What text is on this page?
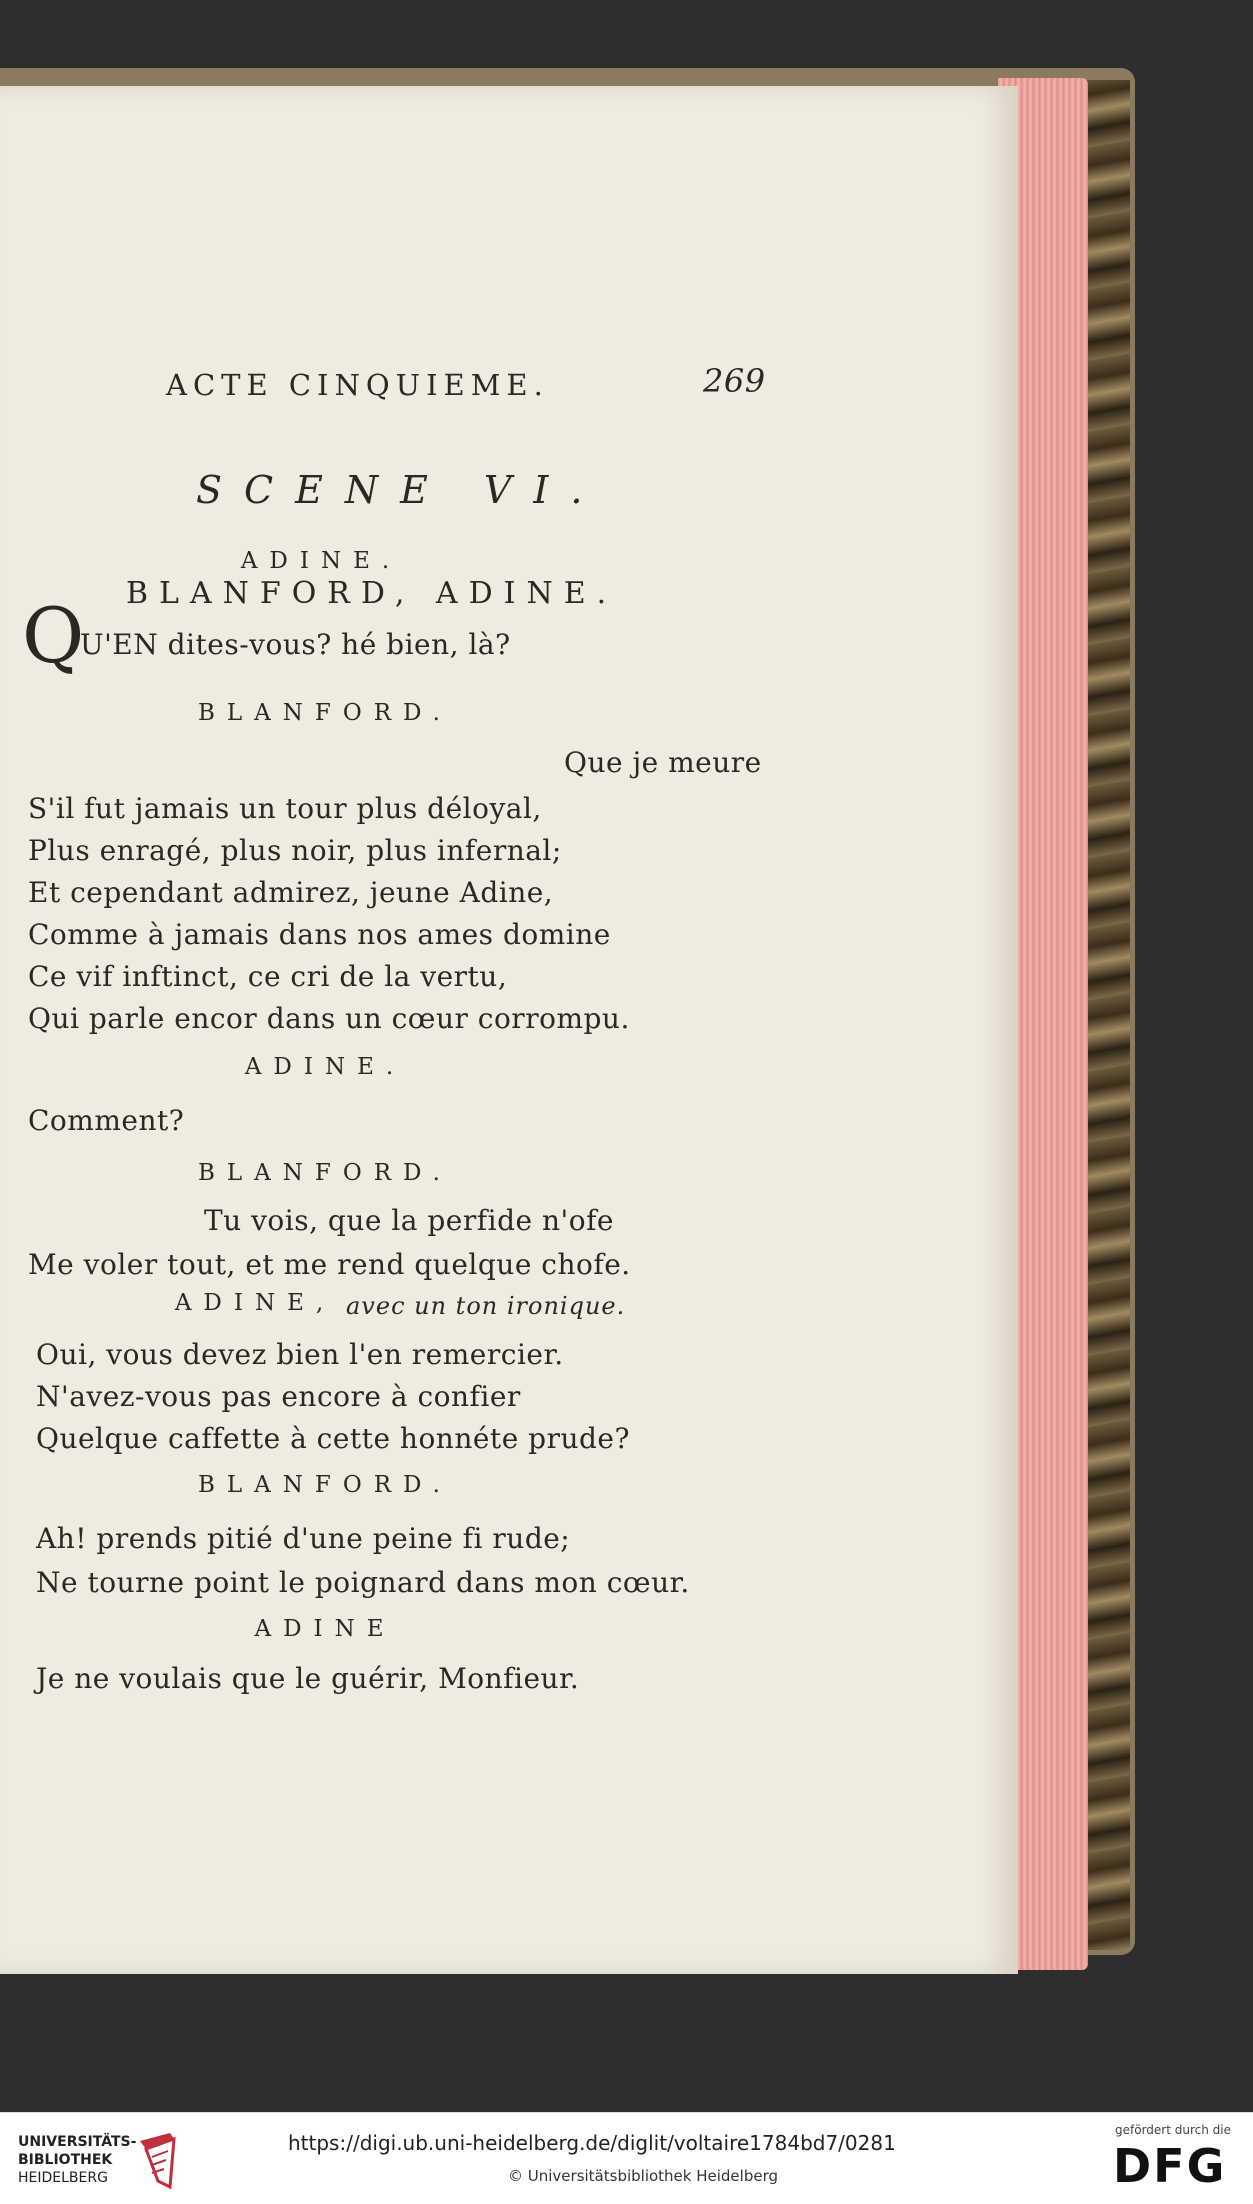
ACTE CINQUIEME.	269
SCENE VI.
BLANFORD, ADINE.
ADINE.
Q
U'EN dites-vous? hé bien, là?
BLANFORD.
Que je meure
S'il fut jamais un tour plus déloyal,
Plus enragé, plus noir, plus infernal;
Et cependant admirez, jeune Adine,
Comme à jamais dans nos ames domine
Ce vif inftinct, ce cri de la vertu,
Qui parle encor dans un cœur corrompu.
ADINE.
Comment?
BLANFORD.
Tu vois, que la perfide n'ofe
Me voler tout, et me rend quelque chofe.
avec un ton ironique.
ADINE,
Oui, vous devez bien l'en remercier.
N'avez-vous pas encore à confier
Quelque caffette à cette honnéte prude?
BLANFORD.
Ah! prends pitié d'une peine fi rude;
Ne tourne point le poignard dans mon cœur.
ADINE
Je ne voulais que le guérir, Monfieur.
UNIVERSITÄTS-
BIBLIOTHEK
HEIDELBERG
https://digi.ub.uni-heidelberg.de/diglit/voltaire1784bd7/0281
© Universitätsbibliothek Heidelberg
gefördert durch die
DFG
